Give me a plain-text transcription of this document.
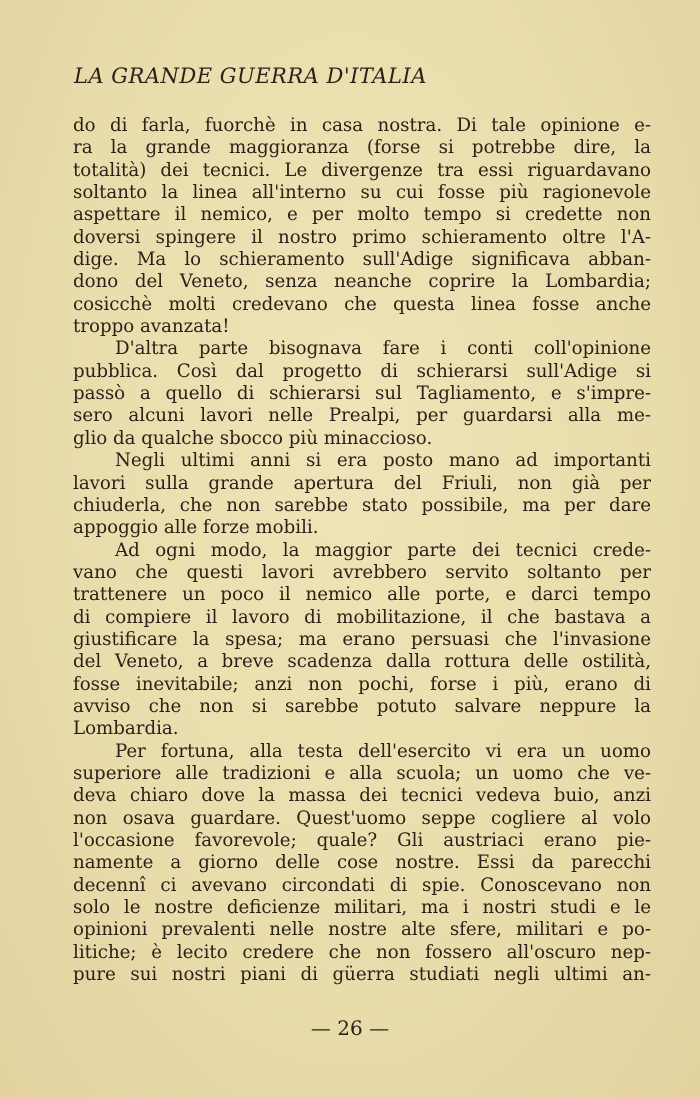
LA GRANDE GUERRA D'ITALIA
do di farla, fuorchè in casa nostra. Di tale opinione e-
ra la grande maggioranza (forse si potrebbe dire, la
totalità) dei tecnici. Le divergenze tra essi riguardavano
soltanto la linea all'interno su cui fosse più ragionevole
aspettare il nemico, e per molto tempo si credette non
doversi spingere il nostro primo schieramento oltre l'A-
dige. Ma lo schieramento sull'Adige significava abban-
dono del Veneto, senza neanche coprire la Lombardia;
cosicchè molti credevano che questa linea fosse anche
troppo avanzata!
D'altra parte bisognava fare i conti coll'opinione
pubblica. Così dal progetto di schierarsi sull'Adige si
passò a quello di schierarsi sul Tagliamento, e s'impre-
sero alcuni lavori nelle Prealpi, per guardarsi alla me-
glio da qualche sbocco più minaccioso.
Negli ultimi anni si era posto mano ad importanti
lavori sulla grande apertura del Friuli, non già per
chiuderla, che non sarebbe stato possibile, ma per dare
appoggio alle forze mobili.
Ad ogni modo, la maggior parte dei tecnici crede-
vano che questi lavori avrebbero servito soltanto per
trattenere un poco il nemico alle porte, e darci tempo
di compiere il lavoro di mobilitazione, il che bastava a
giustificare la spesa; ma erano persuasi che l'invasione
del Veneto, a breve scadenza dalla rottura delle ostilità,
fosse inevitabile; anzi non pochi, forse i più, erano di
avviso che non si sarebbe potuto salvare neppure la
Lombardia.
Per fortuna, alla testa dell'esercito vi era un uomo
superiore alle tradizioni e alla scuola; un uomo che ve-
deva chiaro dove la massa dei tecnici vedeva buio, anzi
non osava guardare. Quest'uomo seppe cogliere al volo
l'occasione favorevole; quale? Gli austriaci erano pie-
namente a giorno delle cose nostre. Essi da parecchi
decennî ci avevano circondati di spie. Conoscevano non
solo le nostre deficienze militari, ma i nostri studi e le
opinioni prevalenti nelle nostre alte sfere, militari e po-
litiche; è lecito credere che non fossero all'oscuro nep-
pure sui nostri piani di güerra studiati negli ultimi an-
— 26 —
